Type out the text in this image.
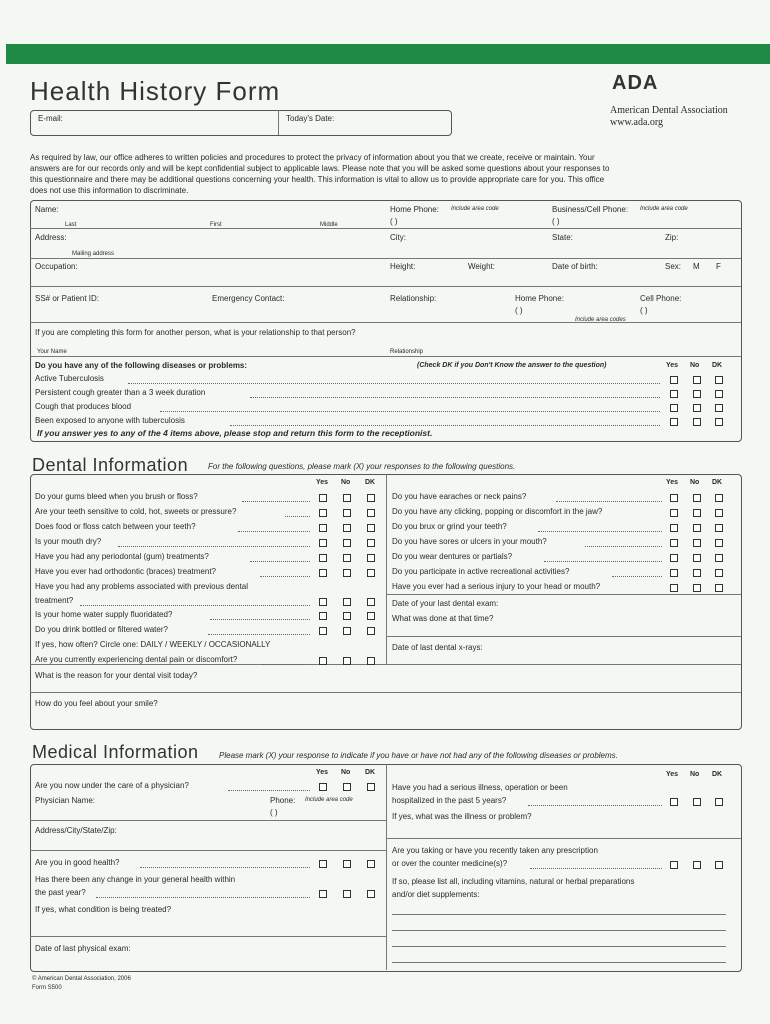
Health History Form	ADA
American Dental Association
www.ada.org
E-mail:	Today's Date:
As required by law, our office adheres to written policies and procedures to protect the privacy of information about you that we create, receive or maintain. Your
answers are for our records only and will be kept confidential subject to applicable laws. Please note that you will be asked some questions about your responses to
this questionnaire and there may be additional questions concerning your health. This information is vital to allow us to provide appropriate care for you. This office
does not use this information to discriminate.
Name:	Home Phone: Include area code	Business/Cell Phone: Include area code
( )	( )
Last	First	Middle
Address:	City:	State:	Zip:
Mailing address
Occupation:	Height:	Weight:	Date of birth:	Sex: M F
SS# or Patient ID:	Emergency Contact:	Relationship:	Home Phone:	Cell Phone:
( )	( )
Include area codes
If you are completing this form for another person, what is your relationship to that person?
Your Name	Relationship
Do you have any of the following diseases or problems:	(Check DK if you Don't Know the answer to the question)	Yes No DK
Active Tuberculosis
Persistent cough greater than a 3 week duration
Cough that produces blood
Been exposed to anyone with tuberculosis
If you answer yes to any of the 4 items above, please stop and return this form to the receptionist.
Dental Information For the following questions, please mark (X) your responses to the following questions.
Yes No DK	Yes No DK
Do your gums bleed when you brush or floss?
Are your teeth sensitive to cold, hot, sweets or pressure?
Does food or floss catch between your teeth?
Is your mouth dry?
Have you had any periodontal (gum) treatments?
Have you ever had orthodontic (braces) treatment?
Have you had any problems associated with previous dental
treatment?
Is your home water supply fluoridated?
Do you drink bottled or filtered water?
If yes, how often? Circle one: DAILY / WEEKLY / OCCASIONALLY
Are you currently experiencing dental pain or discomfort?
Do you have earaches or neck pains?
Do you have any clicking, popping or discomfort in the jaw?
Do you brux or grind your teeth?
Do you have sores or ulcers in your mouth?
Do you wear dentures or partials?
Do you participate in active recreational activities?
Have you ever had a serious injury to your head or mouth?
Date of your last dental exam:
What was done at that time?
Date of last dental x-rays:
What is the reason for your dental visit today?
How do you feel about your smile?
Medical Information	Please mark (X) your response to indicate if you have or have not had any of the following diseases or problems.
Yes No DK	Yes No DK
Are you now under the care of a physician?
Physician Name:	Phone: Include area code
( )
Address/City/State/Zip:
Are you in good health?
Has there been any change in your general health within
the past year?
If yes, what condition is being treated?
Date of last physical exam:
Have you had a serious illness, operation or been
hospitalized in the past 5 years?
If yes, what was the illness or problem?
Are you taking or have you recently taken any prescription
or over the counter medicine(s)?
If so, please list all, including vitamins, natural or herbal preparations
and/or diet supplements:
© American Dental Association, 2006
Form S500
